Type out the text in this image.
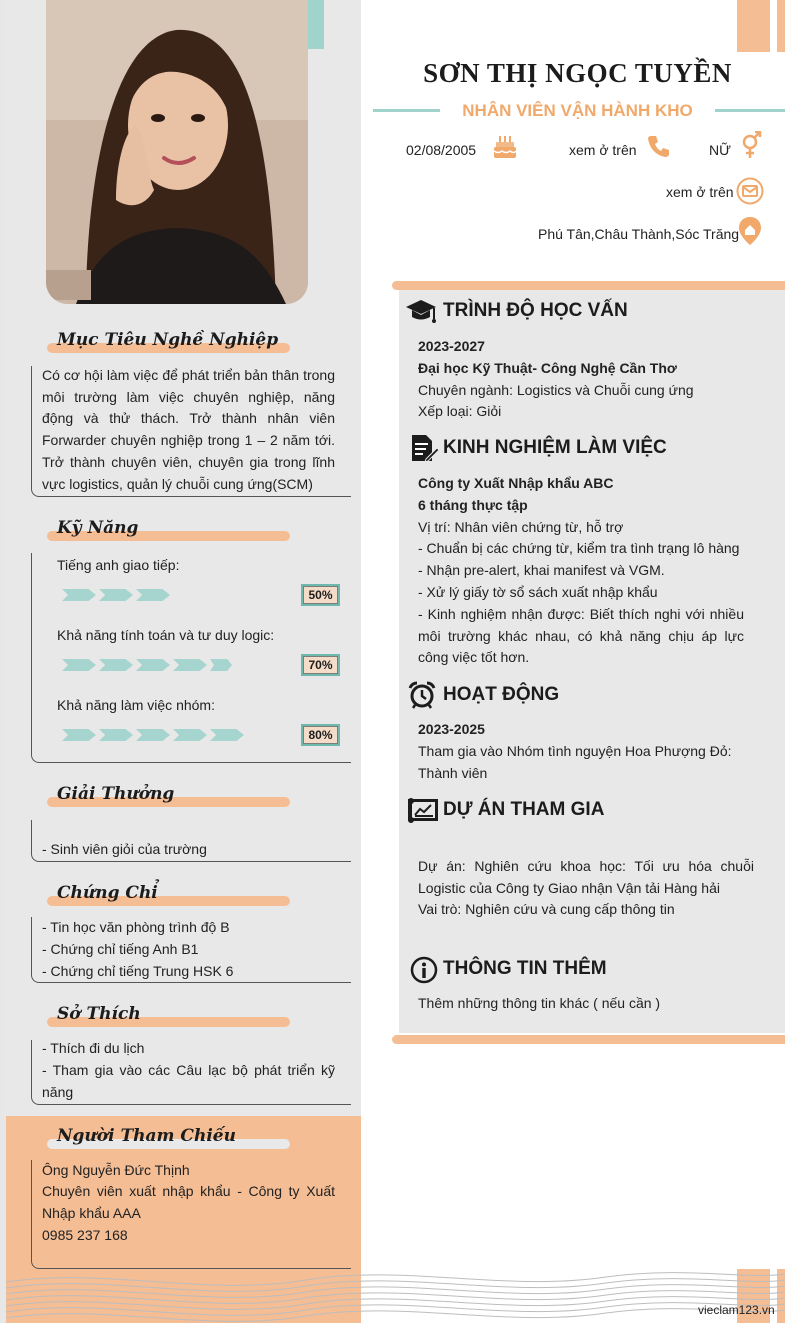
Mục Tiêu Nghề Nghiệp
Có cơ hội làm việc để phát triển bản thân trong môi trường làm việc chuyên nghiệp, năng động và thử thách. Trở thành nhân viên Forwarder chuyên nghiệp trong 1 – 2 năm tới. Trở thành chuyên viên, chuyên gia trong lĩnh vực logistics, quản lý chuỗi cung ứng(SCM)
Kỹ Năng
Tiếng anh giao tiếp:
50%
Khả năng tính toán và tư duy logic:
70%
Khả năng làm việc nhóm:
80%
Giải Thưởng
- Sinh viên giỏi của trường
Chứng Chỉ
- Tin học văn phòng trình độ B
- Chứng chỉ tiếng Anh B1
- Chứng chỉ tiếng Trung HSK 6
Sở Thích
- Thích đi du lịch
- Tham gia vào các Câu lạc bộ phát triển kỹ năng
Người Tham Chiếu
Ông Nguyễn Đức Thịnh
Chuyên viên xuất nhập khẩu - Công ty Xuất Nhập khẩu AAA
0985 237 168
SƠN THỊ NGỌC TUYỀN
NHÂN VIÊN VẬN HÀNH KHO
02/08/2005	xem ở trên	NỮ
xem ở trên
Phú Tân,Châu Thành,Sóc Trăng
TRÌNH ĐỘ HỌC VẤN
2023-2027
Đại học Kỹ Thuật- Công Nghệ Cần Thơ
Chuyên ngành: Logistics và Chuỗi cung ứng
Xếp loại: Giỏi
KINH NGHIỆM LÀM VIỆC
Công ty Xuất Nhập khẩu ABC
6 tháng thực tập
Vị trí: Nhân viên chứng từ, hỗ trợ
- Chuẩn bị các chứng từ, kiểm tra tình trạng lô hàng
- Nhận pre-alert, khai manifest và VGM.
- Xử lý giấy tờ sổ sách xuất nhập khẩu
- Kinh nghiệm nhận được: Biết thích nghi với nhiều môi trường khác nhau, có khả năng chịu áp lực công việc tốt hơn.
HOẠT ĐỘNG
2023-2025
Tham gia vào Nhóm tình nguyện Hoa Phượng Đỏ: Thành viên
DỰ ÁN THAM GIA
Dự án: Nghiên cứu khoa học: Tối ưu hóa chuỗi Logistic của Công ty Giao nhận Vận tải Hàng hải
Vai trò: Nghiên cứu và cung cấp thông tin
THÔNG TIN THÊM
Thêm những thông tin khác ( nếu cần )
vieclam123.vn
